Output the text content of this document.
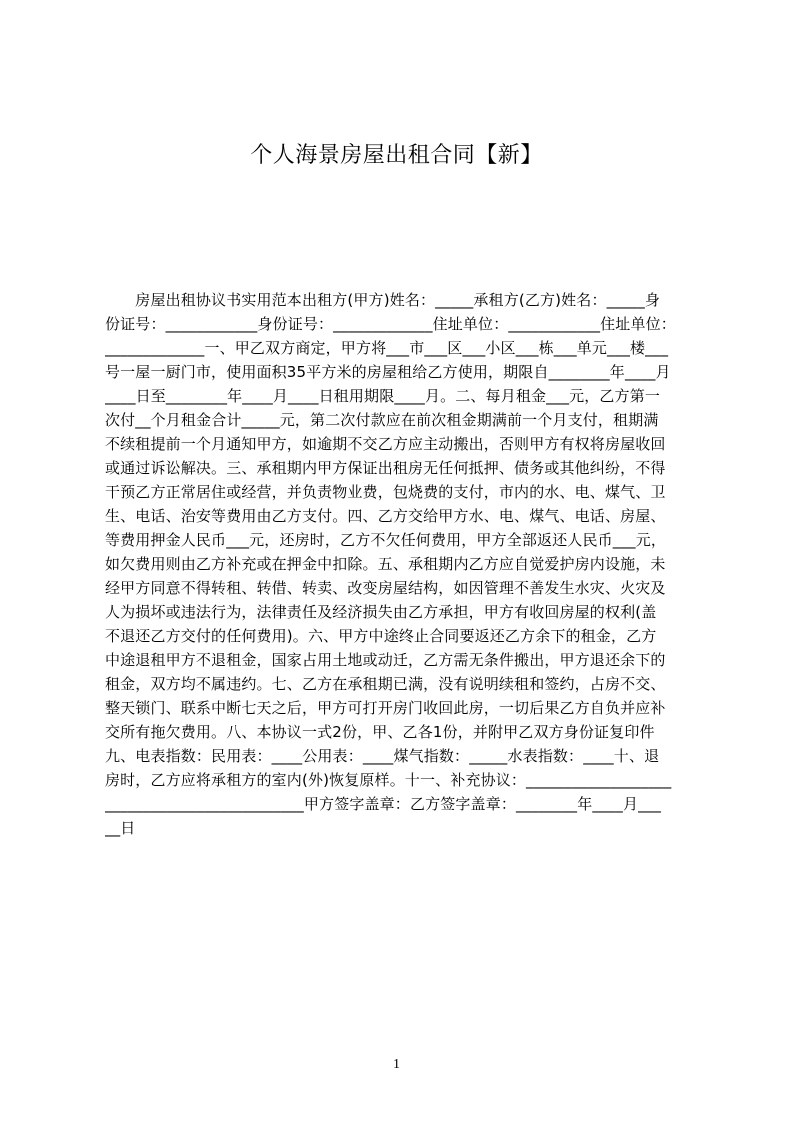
个人海景房屋出租合同【新】
　　房屋出租协议书实用范本出租方(甲方)姓名：_____承租方(乙方)姓名：_____身
份证号：____________身份证号：_____________住址单位：____________住址单位：
_____________一、甲乙双方商定，甲方将___市___区___小区___栋___单元___楼___
号一屋一厨门市，使用面积35平方米的房屋租给乙方使用，期限自________年____月
____日至________年____月____日租用期限____月。二、每月租金___元，乙方第一
次付__个月租金合计_____元，第二次付款应在前次租金期满前一个月支付，租期满
不续租提前一个月通知甲方，如逾期不交乙方应主动搬出，否则甲方有权将房屋收回
或通过诉讼解决。三、承租期内甲方保证出租房无任何抵押、债务或其他纠纷，不得
干预乙方正常居住或经营，并负责物业费，包烧费的支付，市内的水、电、煤气、卫
生、电话、治安等费用由乙方支付。四、乙方交给甲方水、电、煤气、电话、房屋、
等费用押金人民币___元，还房时，乙方不欠任何费用，甲方全部返还人民币___元，
如欠费用则由乙方补充或在押金中扣除。五、承租期内乙方应自觉爱护房内设施，未
经甲方同意不得转租、转借、转卖、改变房屋结构，如因管理不善发生水灾、火灾及
人为损坏或违法行为，法律责任及经济损失由乙方承担，甲方有收回房屋的权利(盖
不退还乙方交付的任何费用)。六、甲方中途终止合同要返还乙方余下的租金，乙方
中途退租甲方不退租金，国家占用土地或动迁，乙方需无条件搬出，甲方退还余下的
租金，双方均不属违约。七、乙方在承租期已满，没有说明续租和签约，占房不交、
整天锁门、联系中断七天之后，甲方可打开房门收回此房，一切后果乙方自负并应补
交所有拖欠费用。八、本协议一式2份，甲、乙各1份，并附甲乙双方身份证复印件
九、电表指数：民用表：____公用表：____煤气指数：_____水表指数：____十、退
房时，乙方应将承租方的室内(外)恢复原样。十一、补充协议：___________________
__________________________甲方签字盖章：乙方签字盖章：________年____月___
__日
1
